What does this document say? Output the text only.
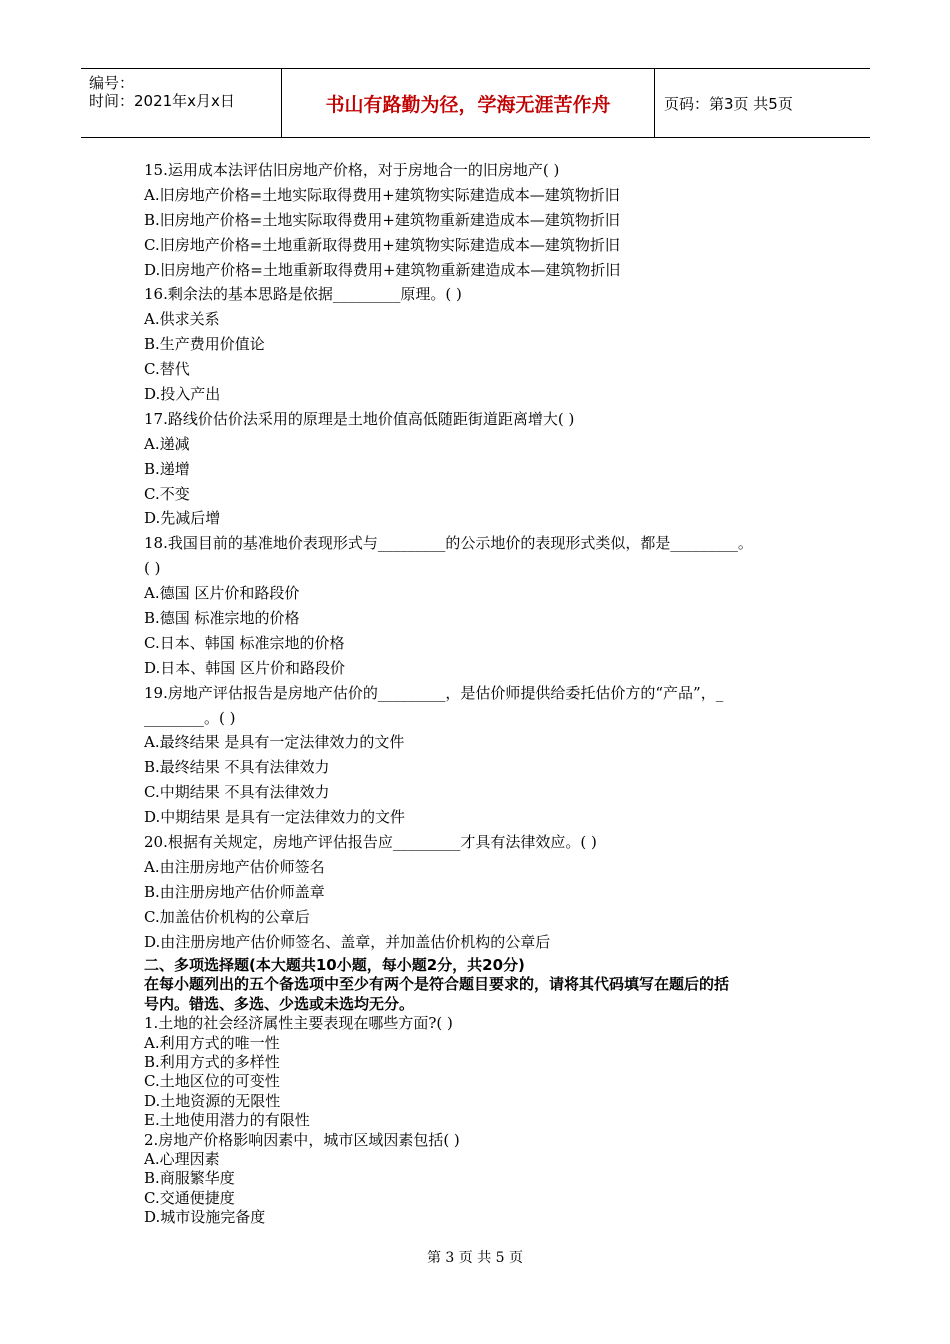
编号：
时间：2021年x月x日	书山有路勤为径，学海无涯苦作舟	页码：第3页 共5页
15.运用成本法评估旧房地产价格，对于房地合一的旧房地产( )
A.旧房地产价格=土地实际取得费用+建筑物实际建造成本—建筑物折旧
B.旧房地产价格=土地实际取得费用+建筑物重新建造成本—建筑物折旧
C.旧房地产价格=土地重新取得费用+建筑物实际建造成本—建筑物折旧
D.旧房地产价格=土地重新取得费用+建筑物重新建造成本—建筑物折旧
16.剩余法的基本思路是依据_________原理。( )
A.供求关系
B.生产费用价值论
C.替代
D.投入产出
17.路线价估价法采用的原理是土地价值高低随距街道距离增大( )
A.递减
B.递增
C.不变
D.先减后增
18.我国目前的基准地价表现形式与_________的公示地价的表现形式类似，都是_________。
( )
A.德国 区片价和路段价
B.德国 标准宗地的价格
C.日本、韩国 标准宗地的价格
D.日本、韩国 区片价和路段价
19.房地产评估报告是房地产估价的_________，是估价师提供给委托估价方的“产品”，_
________。( )
A.最终结果 是具有一定法律效力的文件
B.最终结果 不具有法律效力
C.中期结果 不具有法律效力
D.中期结果 是具有一定法律效力的文件
20.根据有关规定，房地产评估报告应_________才具有法律效应。( )
A.由注册房地产估价师签名
B.由注册房地产估价师盖章
C.加盖估价机构的公章后
D.由注册房地产估价师签名、盖章，并加盖估价机构的公章后
二、多项选择题(本大题共10小题，每小题2分，共20分)
在每小题列出的五个备选项中至少有两个是符合题目要求的，请将其代码填写在题后的括
号内。错选、多选、少选或未选均无分。
1.土地的社会经济属性主要表现在哪些方面?( )
A.利用方式的唯一性
B.利用方式的多样性
C.土地区位的可变性
D.土地资源的无限性
E.土地使用潜力的有限性
2.房地产价格影响因素中，城市区域因素包括( )
A.心理因素
B.商服繁华度
C.交通便捷度
D.城市设施完备度
第 3 页 共 5 页
